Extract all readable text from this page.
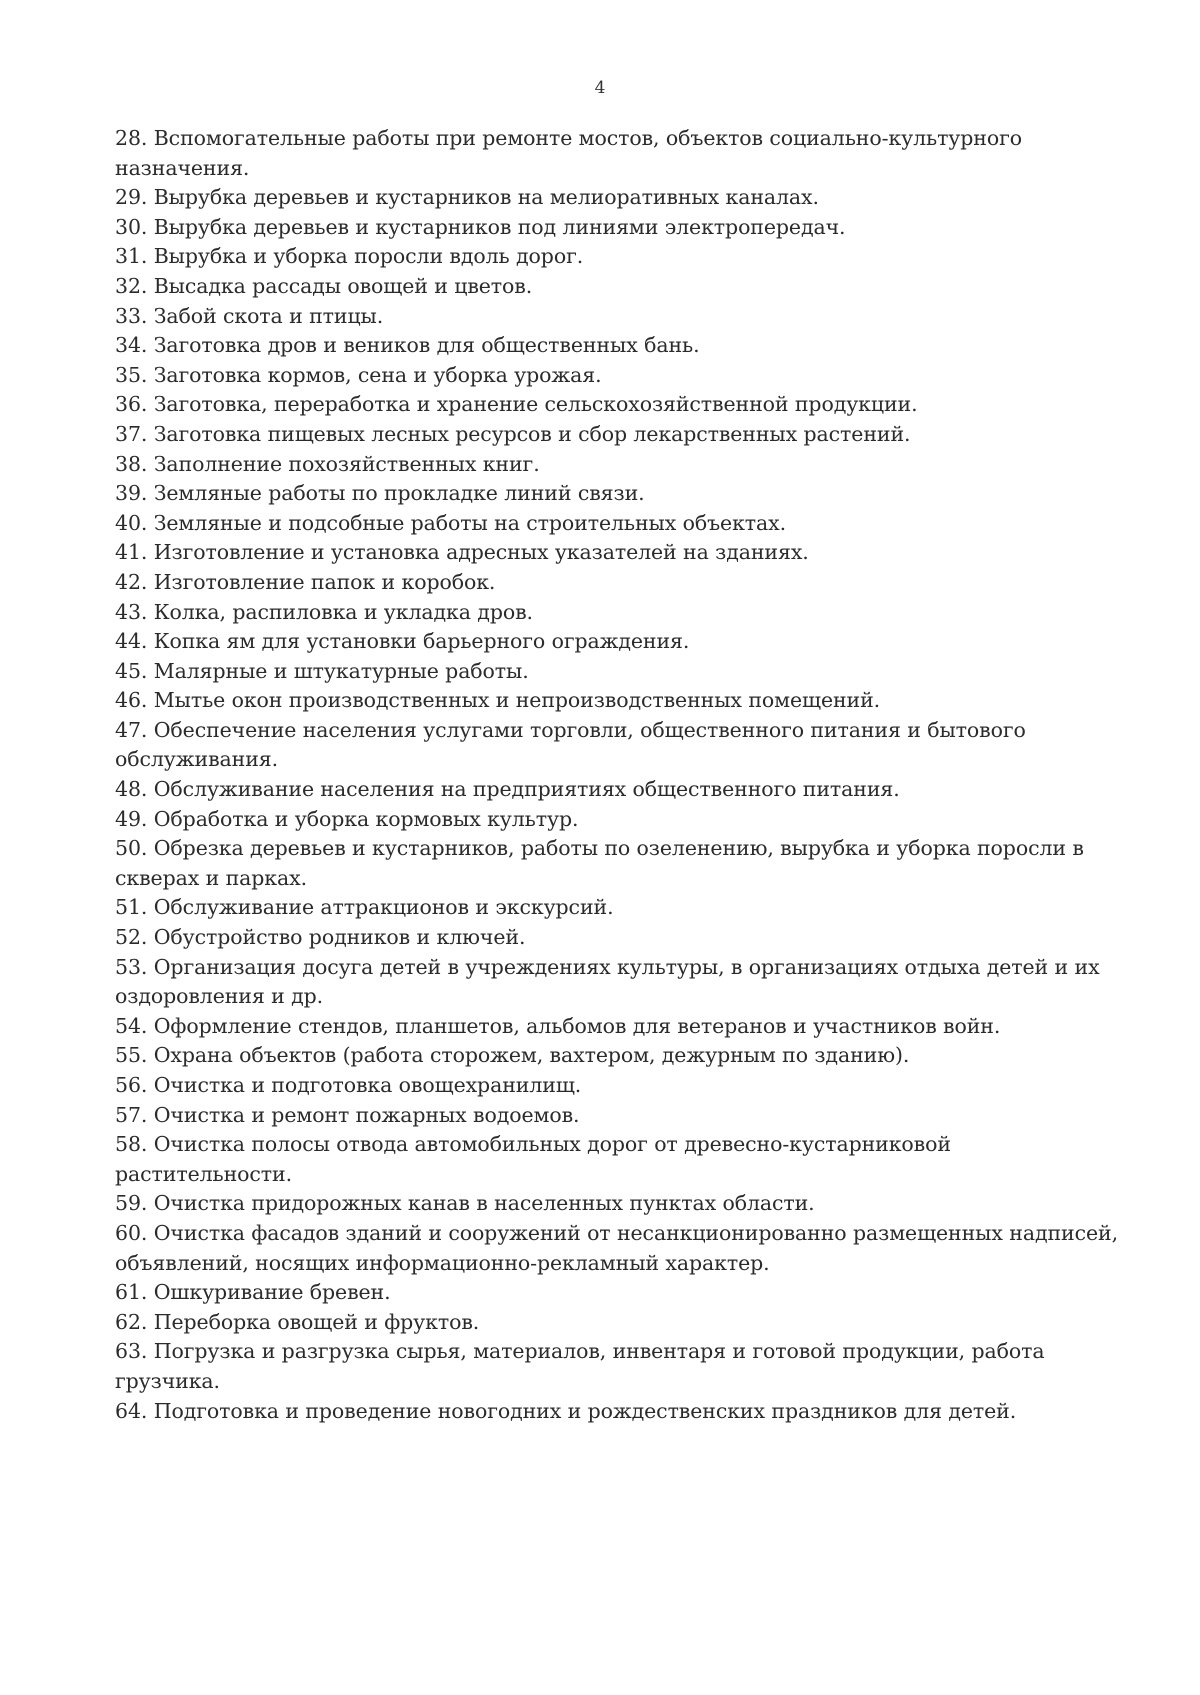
4
28. Вспомогательные работы при ремонте мостов, объектов социально-культурного назначения.
29. Вырубка деревьев и кустарников на мелиоративных каналах.
30. Вырубка деревьев и кустарников под линиями электропередач.
31. Вырубка и уборка поросли вдоль дорог.
32. Высадка рассады овощей и цветов.
33. Забой скота и птицы.
34. Заготовка дров и веников для общественных бань.
35. Заготовка кормов, сена и уборка урожая.
36. Заготовка, переработка и хранение сельскохозяйственной продукции.
37. Заготовка пищевых лесных ресурсов и сбор лекарственных растений.
38. Заполнение похозяйственных книг.
39. Земляные работы по прокладке линий связи.
40. Земляные и подсобные работы на строительных объектах.
41. Изготовление и установка адресных указателей на зданиях.
42. Изготовление папок и коробок.
43. Колка, распиловка и укладка дров.
44. Копка ям для установки барьерного ограждения.
45. Малярные и штукатурные работы.
46. Мытье окон производственных и непроизводственных помещений.
47. Обеспечение населения услугами торговли, общественного питания и бытового обслуживания.
48. Обслуживание населения на предприятиях общественного питания.
49. Обработка и уборка кормовых культур.
50. Обрезка деревьев и кустарников, работы по озеленению, вырубка и уборка поросли в скверах и парках.
51. Обслуживание аттракционов и экскурсий.
52. Обустройство родников и ключей.
53. Организация досуга детей в учреждениях культуры, в организациях отдыха детей и их оздоровления и др.
54. Оформление стендов, планшетов, альбомов для ветеранов и участников войн.
55. Охрана объектов (работа сторожем, вахтером, дежурным по зданию).
56. Очистка и подготовка овощехранилищ.
57. Очистка и ремонт пожарных водоемов.
58. Очистка полосы отвода автомобильных дорог от древесно-кустарниковой растительности.
59. Очистка придорожных канав в населенных пунктах области.
60. Очистка фасадов зданий и сооружений от несанкционированно размещенных надписей, объявлений, носящих информационно-рекламный характер.
61. Ошкуривание бревен.
62. Переборка овощей и фруктов.
63. Погрузка и разгрузка сырья, материалов, инвентаря и готовой продукции, работа грузчика.
64. Подготовка и проведение новогодних и рождественских праздников для детей.
